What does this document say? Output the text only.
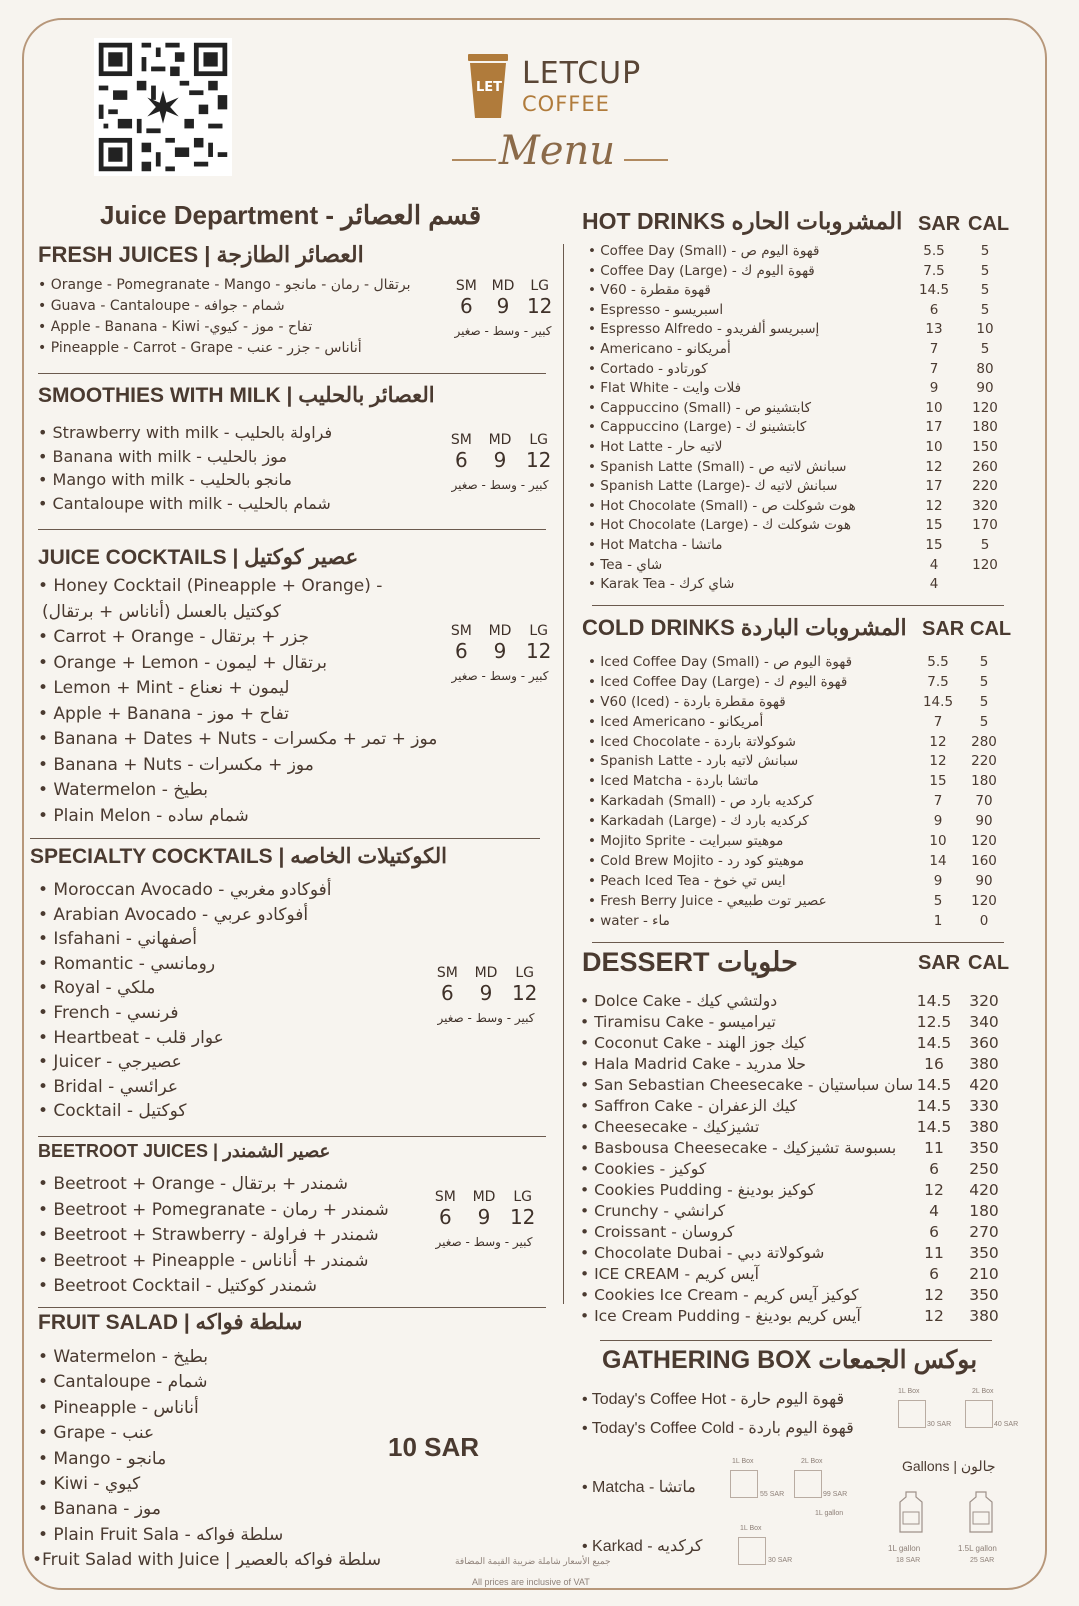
LET LETCUP
COFFEE
Menu
Juice Department - قسم العصائر
FRESH JUICES | العصائر الطازجة
• Orange - Pomegranate - Mango - برتقال - رمان - مانجو
• Guava - Cantaloupe - شمام - جوافه
• Apple - Banana - Kiwi -تفاح - موز - كيوي
• Pineapple - Carrot - Grape - أناناس - جزر - عنب
SM	MD	LG
6	9 12
كبير - وسط - صغير
SMOOTHIES WITH MILK | العصائر بالحليب
• Strawberry with milk - فراولة بالحليب
• Banana with milk - موز بالحليب
• Mango with milk - مانجو بالحليب
• Cantaloupe with milk - شمام بالحليب
SM	MD	LG
6	9 12
كبير - وسط - صغير
JUICE COCKTAILS | عصير كوكتيل
• Honey Cocktail (Pineapple + Orange) -
كوكتيل بالعسل (أناناس + برتقال)
• Carrot + Orange - جزر + برتقال
• Orange + Lemon - برتقال + ليمون
• Lemon + Mint - ليمون + نعناع
• Apple + Banana - تفاح + موز
• Banana + Dates + Nuts - موز + تمر + مكسرات
• Banana + Nuts - موز + مكسرات
• Watermelon - بطيخ
• Plain Melon - شمام ساده
SM	MD	LG
6	9 12
كبير - وسط - صغير
SPECIALTY COCKTAILS | الكوكتيلات الخاصه
• Moroccan Avocado - أفوكادو مغربي
• Arabian Avocado - أفوكادو عربي
• Isfahani - أصفهاني
• Romantic - رومانسي
• Royal - ملكي
• French - فرنسي
• Heartbeat - عوار قلب
• Juicer - عصيرجي
• Bridal - عرائسي
• Cocktail - كوكتيل
SM	MD	LG
6	9 12
كبير - وسط - صغير
BEETROOT JUICES | عصير الشمندر
• Beetroot + Orange - شمندر + برتقال
• Beetroot + Pomegranate - شمندر + رمان
• Beetroot + Strawberry - شمندر + فراولة
• Beetroot + Pineapple - شمندر + أناناس
• Beetroot Cocktail - شمندر كوكتيل
SM	MD	LG
6	9 12
كبير - وسط - صغير
FRUIT SALAD | سلطة فواكه
• Watermelon - بطيخ
• Cantaloupe - شمام
• Pineapple - أناناس
• Grape - عنب
• Mango - مانجو
• Kiwi - كيوي
• Banana - موز
• Plain Fruit Sala - سلطة فواكه
•Fruit Salad with Juice | سلطة فواكه بالعصير
10 SAR
HOT DRINKS المشروبات الحاره SAR CAL
• Coffee Day (Small) - قهوة اليوم ص	5.5	5
• Coffee Day (Large) - قهوة اليوم ك	7.5	5
• V60 - قهوة مقطرة	14.5	5
• Espresso - اسبريسو	6	5
• Espresso Alfredo - إسبريسو ألفريدو	13	10
• Americano - أمريكانو	7	5
• Cortado - كورتادو	7	80
• Flat White - فلات وايت	9	90
• Cappuccino (Small) - كابتشينو ص	10	120
• Cappuccino (Large) - كابتشينو ك	17	180
• Hot Latte - لاتيه حار	10	150
• Spanish Latte (Small) - سبانش لاتيه ص	12	260
• Spanish Latte (Large)- سبانش لاتيه ك	17	220
• Hot Chocolate (Small) - هوت شوكلت ص	12	320
• Hot Chocolate (Large) - هوت شوكلت ك	15	170
• Hot Matcha - ماتشا	15	5
• Tea - شاي	4	120
• Karak Tea - شاي كرك	4
COLD DRINKS المشروبات الباردة SAR CAL
• Iced Coffee Day (Small) - قهوة اليوم ص	5.5	5
• Iced Coffee Day (Large) - قهوة اليوم ك	7.5	5
• V60 (Iced) - قهوة مقطرة باردة	14.5	5
• Iced Americano - أمريكانو	7	5
• Iced Chocolate - شوكولاتة باردة	12	280
• Spanish Latte - سبانش لاتيه بارد	12	220
• Iced Matcha - ماتشا باردة	15	180
• Karkadah (Small) - كركديه بارد ص	7	70
• Karkadah (Large) - كركديه بارد ك	9	90
• Mojito Sprite - موهيتو سبرايت	10	120
• Cold Brew Mojito - موهيتو كود رد	14	160
• Peach Iced Tea - ايس تي خوخ	9	90
• Fresh Berry Juice - عصير توت طبيعي	5	120
• water - ماء	1	0
DESSERT حلويات	SAR CAL
• Dolce Cake - دولتشي كيك	14.5	320
• Tiramisu Cake - تيراميسو	12.5	340
• Coconut Cake - كيك جوز الهند	14.5	360
• Hala Madrid Cake - حلا مدريد	16	380
• San Sebastian Cheesecake - سان سباستيان 14.5	420
• Saffron Cake - كيك الزعفران	14.5	330
• Cheesecake - تشيزكيك	14.5	380
• Basbousa Cheesecake - بسبوسة تشيزكيك	11	350
• Cookies - كوكيز	6	250
• Cookies Pudding - كوكيز بودينغ	12	420
• Crunchy - كرانشي	4	180
• Croissant - كروسان	6	270
• Chocolate Dubai - شوكولاتة دبي	11	350
• ICE CREAM - آيس كريم	6	210
• Cookies Ice Cream - كوكيز آيس كريم	12	350
• Ice Cream Pudding - آيس كريم بودينغ	12	380
GATHERING BOX بوكس الجمعات
• Today's Coffee Hot - قهوة اليوم حارة
• Today's Coffee Cold - قهوة اليوم باردة
• Matcha - ماتشا
• Karkad - كركديه
Gallons | جالون
1L Box
30 SAR
2L Box
40 SAR
1L Box
55 SAR
2L Box
99 SAR
1L gallon
1L Box
30 SAR
1L gallon
18 SAR
1.5L gallon
25 SAR
جميع الأسعار شاملة ضريبة القيمة المضافة
All prices are inclusive of VAT
